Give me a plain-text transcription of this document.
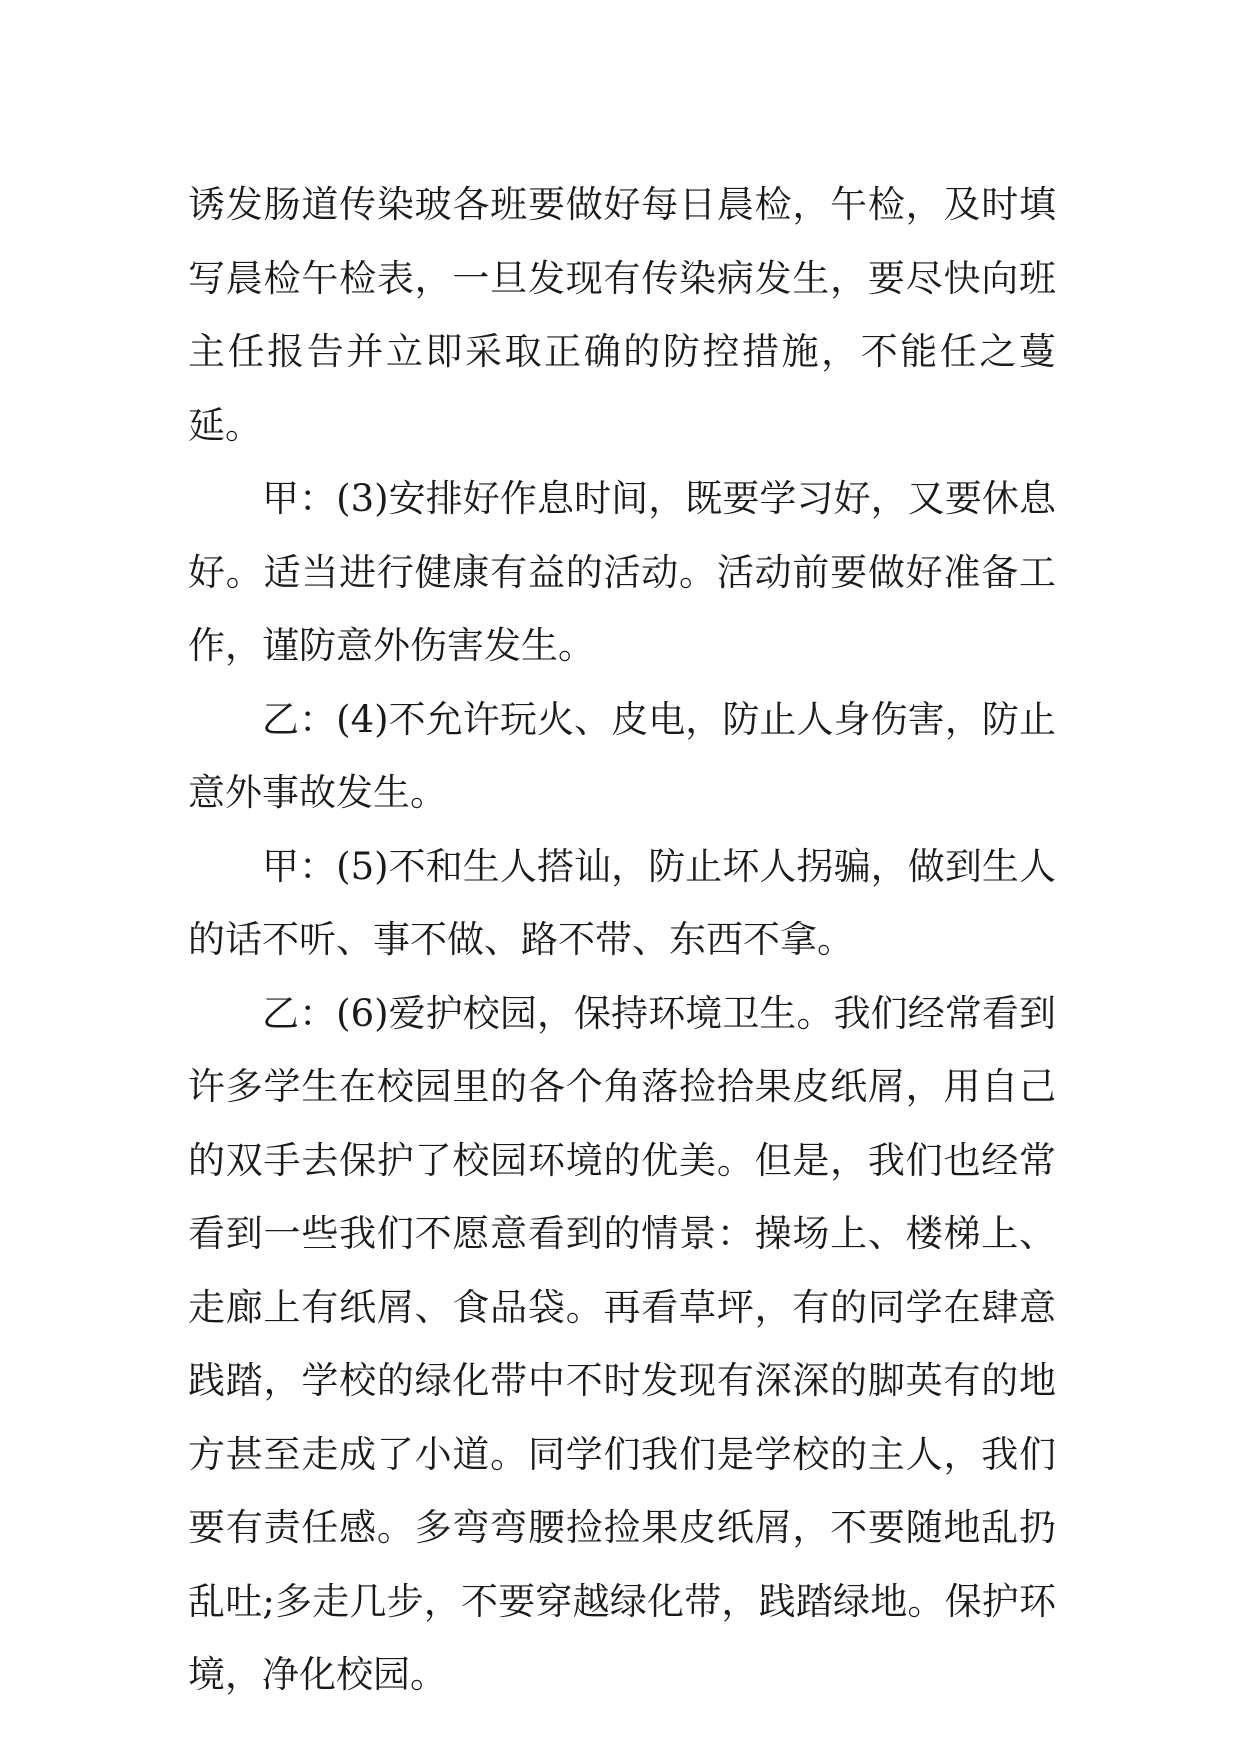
诱发肠道传染玻各班要做好每日晨检，午检，及时填写晨检午检表，一旦发现有传染病发生，要尽快向班主任报告并立即采取正确的防控措施，不能任之蔓延。

甲：(3)安排好作息时间，既要学习好，又要休息好。适当进行健康有益的活动。活动前要做好准备工作，谨防意外伤害发生。

乙：(4)不允许玩火、皮电，防止人身伤害，防止意外事故发生。

甲：(5)不和生人搭讪，防止坏人拐骗，做到生人的话不听、事不做、路不带、东西不拿。

乙：(6)爱护校园，保持环境卫生。我们经常看到许多学生在校园里的各个角落捡拾果皮纸屑，用自己的双手去保护了校园环境的优美。但是，我们也经常看到一些我们不愿意看到的情景：操场上、楼梯上、走廊上有纸屑、食品袋。再看草坪，有的同学在肆意践踏，学校的绿化带中不时发现有深深的脚英有的地方甚至走成了小道。同学们我们是学校的主人，我们要有责任感。多弯弯腰捡捡果皮纸屑，不要随地乱扔乱吐;多走几步，不要穿越绿化带，践踏绿地。保护环境，净化校园。
